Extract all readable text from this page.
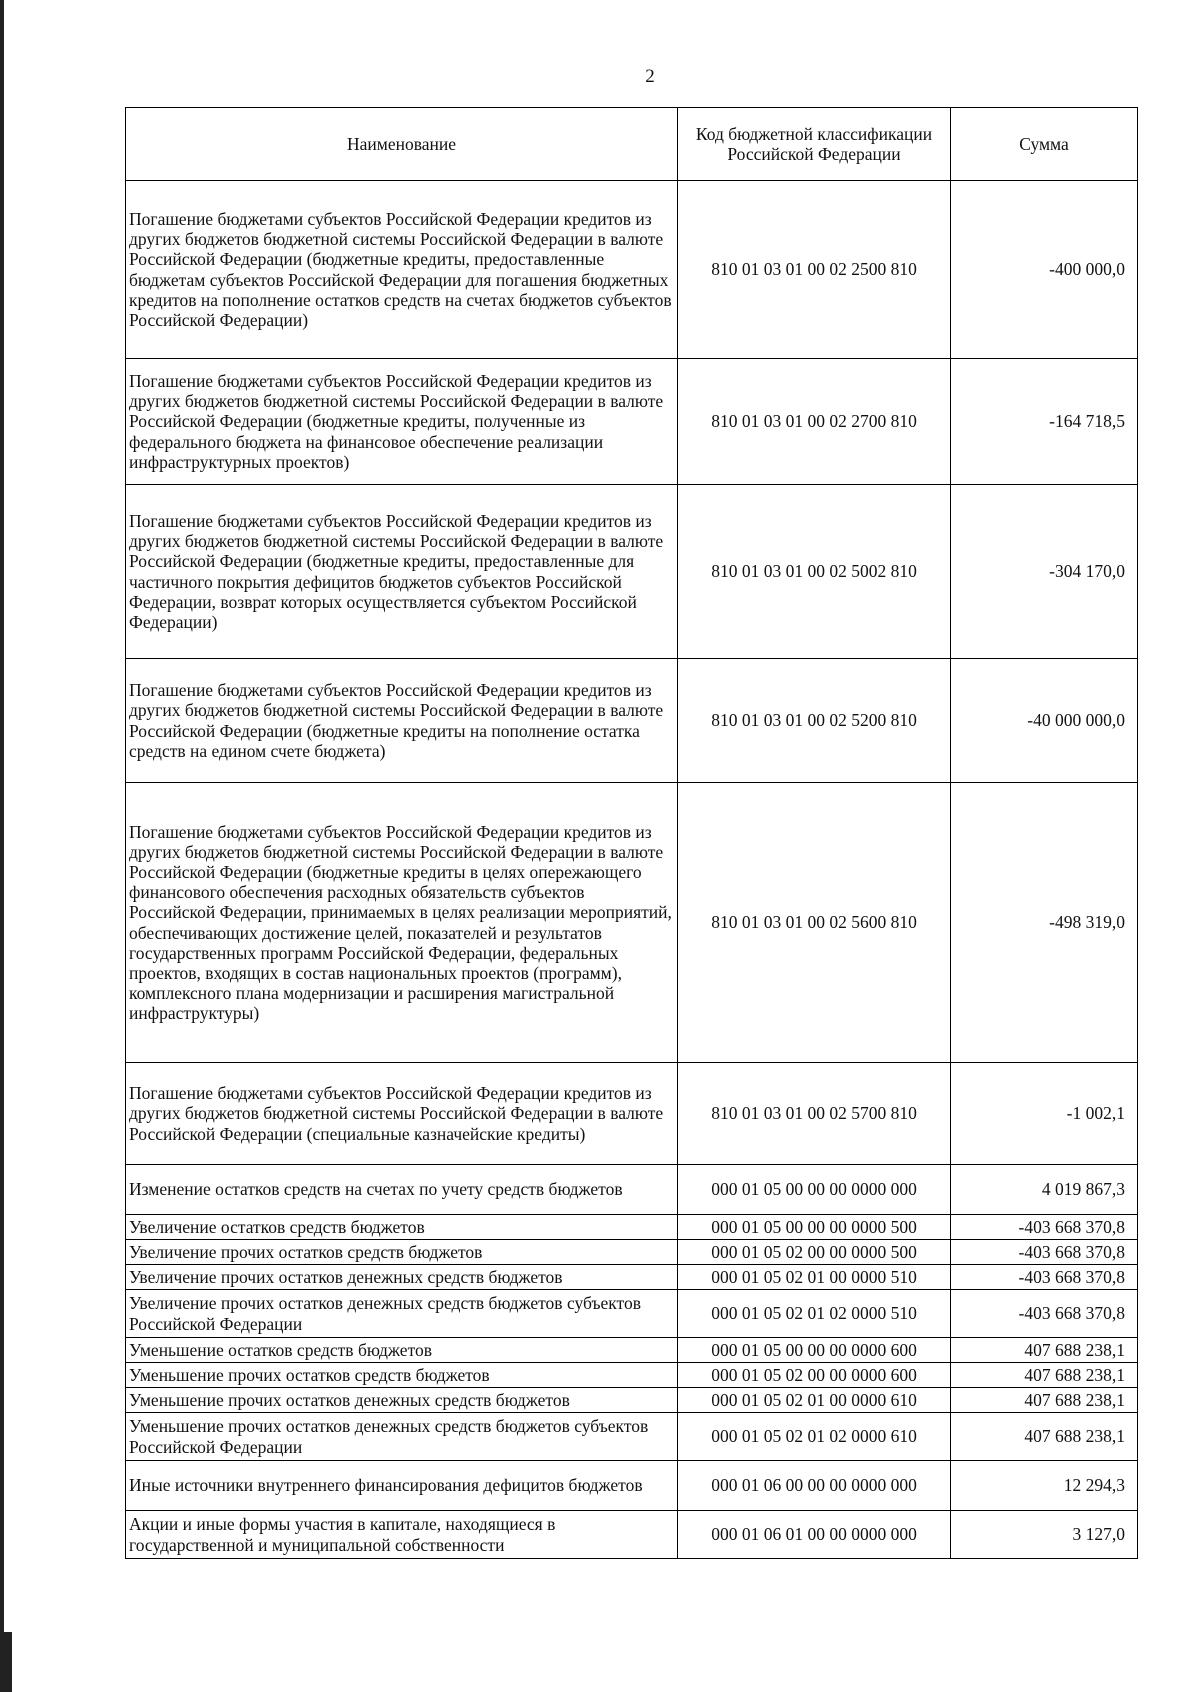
2
Наименование	Код бюджетной классификации Российской Федерации	Сумма
Погашение бюджетами субъектов Российской Федерации кредитов из других бюджетов бюджетной системы Российской Федерации в валюте Российской Федерации (бюджетные кредиты, предоставленные бюджетам субъектов Российской Федерации для погашения бюджетных кредитов на пополнение остатков средств на счетах бюджетов субъектов Российской Федерации)	810 01 03 01 00 02 2500 810	-400 000,0
Погашение бюджетами субъектов Российской Федерации кредитов из других бюджетов бюджетной системы Российской Федерации в валюте Российской Федерации (бюджетные кредиты, полученные из федерального бюджета на финансовое обеспечение реализации инфраструктурных проектов)	810 01 03 01 00 02 2700 810	-164 718,5
Погашение бюджетами субъектов Российской Федерации кредитов из других бюджетов бюджетной системы Российской Федерации в валюте Российской Федерации (бюджетные кредиты, предоставленные для частичного покрытия дефицитов бюджетов субъектов Российской Федерации, возврат которых осуществляется субъектом Российской Федерации)	810 01 03 01 00 02 5002 810	-304 170,0
Погашение бюджетами субъектов Российской Федерации кредитов из других бюджетов бюджетной системы Российской Федерации в валюте Российской Федерации (бюджетные кредиты на пополнение остатка средств на едином счете бюджета)	810 01 03 01 00 02 5200 810	-40 000 000,0
Погашение бюджетами субъектов Российской Федерации кредитов из других бюджетов бюджетной системы Российской Федерации в валюте Российской Федерации (бюджетные кредиты в целях опережающего финансового обеспечения расходных обязательств субъектов Российской Федерации, принимаемых в целях реализации мероприятий, обеспечивающих достижение целей, показателей и результатов государственных программ Российской Федерации, федеральных проектов, входящих в состав национальных проектов (программ), комплексного плана модернизации и расширения магистральной инфраструктуры)	810 01 03 01 00 02 5600 810	-498 319,0
Погашение бюджетами субъектов Российской Федерации кредитов из других бюджетов бюджетной системы Российской Федерации в валюте Российской Федерации (специальные казначейские кредиты)	810 01 03 01 00 02 5700 810	-1 002,1
Изменение остатков средств на счетах по учету средств бюджетов	000 01 05 00 00 00 0000 000	4 019 867,3
Увеличение остатков средств бюджетов	000 01 05 00 00 00 0000 500	-403 668 370,8
Увеличение прочих остатков средств бюджетов	000 01 05 02 00 00 0000 500	-403 668 370,8
Увеличение прочих остатков денежных средств бюджетов	000 01 05 02 01 00 0000 510	-403 668 370,8
Увеличение прочих остатков денежных средств бюджетов субъектов Российской Федерации	000 01 05 02 01 02 0000 510	-403 668 370,8
Уменьшение остатков средств бюджетов	000 01 05 00 00 00 0000 600	407 688 238,1
Уменьшение прочих остатков средств бюджетов	000 01 05 02 00 00 0000 600	407 688 238,1
Уменьшение прочих остатков денежных средств бюджетов	000 01 05 02 01 00 0000 610	407 688 238,1
Уменьшение прочих остатков денежных средств бюджетов субъектов Российской Федерации	000 01 05 02 01 02 0000 610	407 688 238,1
Иные источники внутреннего финансирования дефицитов бюджетов	000 01 06 00 00 00 0000 000	12 294,3
Акции и иные формы участия в капитале, находящиеся в государственной и муниципальной собственности	000 01 06 01 00 00 0000 000	3 127,0
